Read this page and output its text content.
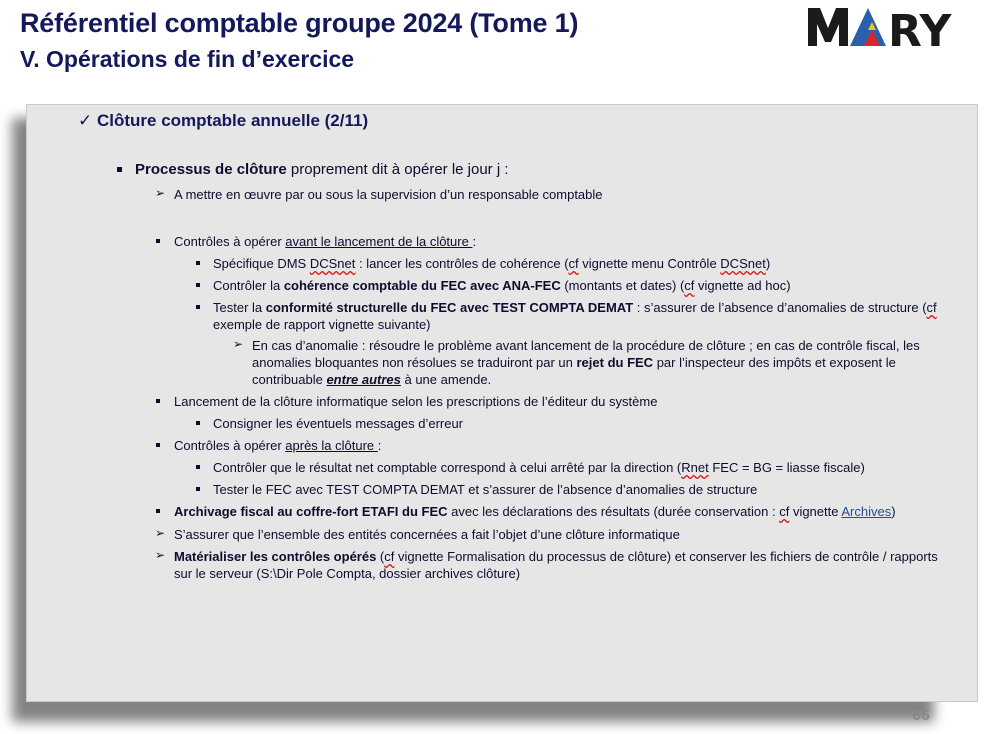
Référentiel comptable groupe 2024 (Tome 1)
V. Opérations de fin d’exercice
RY
✓ Clôture comptable annuelle (2/11)
Processus de clôture proprement dit à opérer le jour j :
➢ A mettre en œuvre par ou sous la supervision d’un responsable comptable
Contrôles à opérer avant le lancement de la clôture :
Spécifique DMS DCSnet : lancer les contrôles de cohérence (cf vignette menu Contrôle DCSnet)
Contrôler la cohérence comptable du FEC avec ANA-FEC (montants et dates) (cf vignette ad hoc)
Tester la conformité structurelle du FEC avec TEST COMPTA DEMAT : s’assurer de l’absence d’anomalies de structure (cf exemple de rapport vignette suivante)
➢ En cas d’anomalie : résoudre le problème avant lancement de la procédure de clôture ; en cas de contrôle fiscal, les anomalies bloquantes non résolues se traduiront par un rejet du FEC par l’inspecteur des impôts et exposent le contribuable entre autres à une amende.
Lancement de la clôture informatique selon les prescriptions de l’éditeur du système
Consigner les éventuels messages d’erreur
Contrôles à opérer après la clôture :
Contrôler que le résultat net comptable correspond à celui arrêté par la direction (Rnet FEC = BG = liasse fiscale)
Tester le FEC avec TEST COMPTA DEMAT et s’assurer de l’absence d’anomalies de structure
Archivage fiscal au coffre-fort ETAFI du FEC avec les déclarations des résultats (durée conservation : cf vignette Archives)
➢ S’assurer que l’ensemble des entités concernées a fait l’objet d’une clôture informatique
➢ Matérialiser les contrôles opérés (cf vignette Formalisation du processus de clôture) et conserver les fichiers de contrôle / rapports sur le serveur (S:\Dir Pole Compta, dossier archives clôture)
66
